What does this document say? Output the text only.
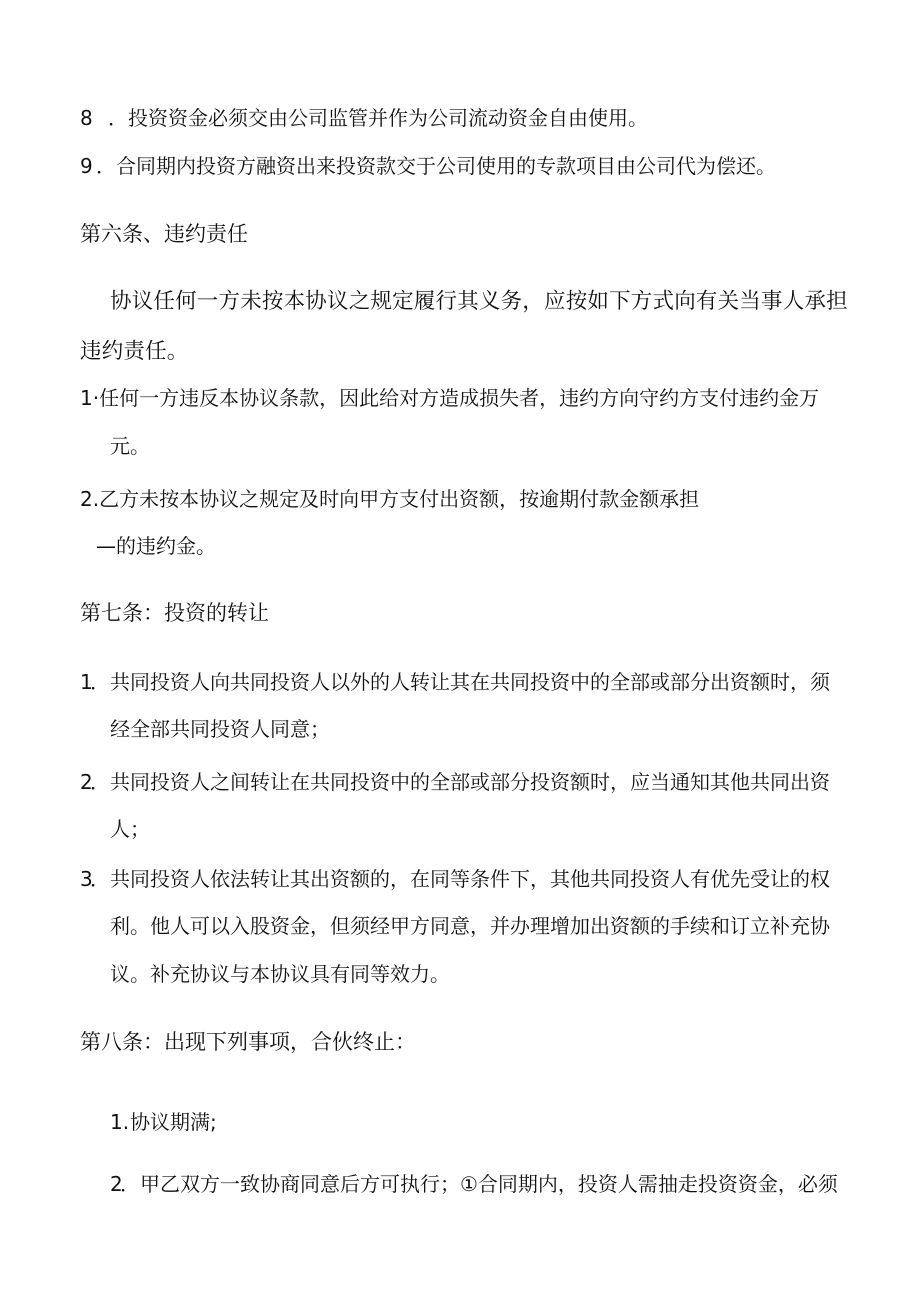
8 ．投资资金必须交由公司监管并作为公司流动资金自由使用。
9 ．合同期内投资方融资出来投资款交于公司使用的专款项目由公司代为偿还。
第六条、违约责任
协议任何一方未按本协议之规定履行其义务，应按如下方式向有关当事人承担
违约责任。
1·任何一方违反本协议条款，因此给对方造成损失者，违约方向守约方支付违约金万
元。
2.乙方未按本协议之规定及时向甲方支付出资额，按逾期付款金额承担
—的违约金。
第七条：投资的转让
1．共同投资人向共同投资人以外的人转让其在共同投资中的全部或部分出资额时，须
经全部共同投资人同意；
2．共同投资人之间转让在共同投资中的全部或部分投资额时，应当通知其他共同出资
人；
3．共同投资人依法转让其出资额的，在同等条件下，其他共同投资人有优先受让的权
利。他人可以入股资金，但须经甲方同意，并办理增加出资额的手续和订立补充协
议。补充协议与本协议具有同等效力。
第八条：出现下列事项，合伙终止：
1.协议期满;
2．甲乙双方一致协商同意后方可执行；①合同期内，投资人需抽走投资资金，必须
